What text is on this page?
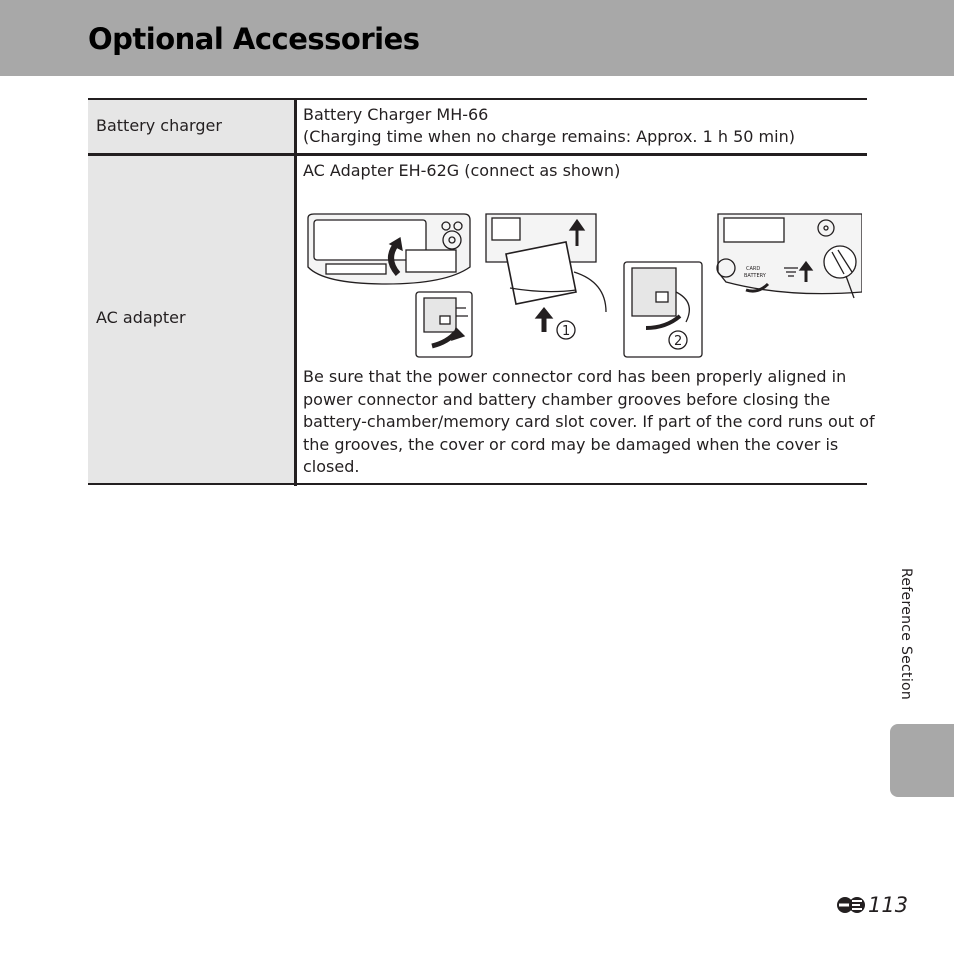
Optional Accessories
Battery charger
Battery Charger MH-66
(Charging time when no charge remains: Approx. 1 h 50 min)
AC adapter
AC Adapter EH-62G (connect as shown)
1
2
CARD
BATTERY
Be sure that the power connector cord has been properly aligned in
power connector and battery chamber grooves before closing the
battery-chamber/memory card slot cover. If part of the cord runs out of
the grooves, the cover or cord may be damaged when the cover is
closed.
Reference Section
113
